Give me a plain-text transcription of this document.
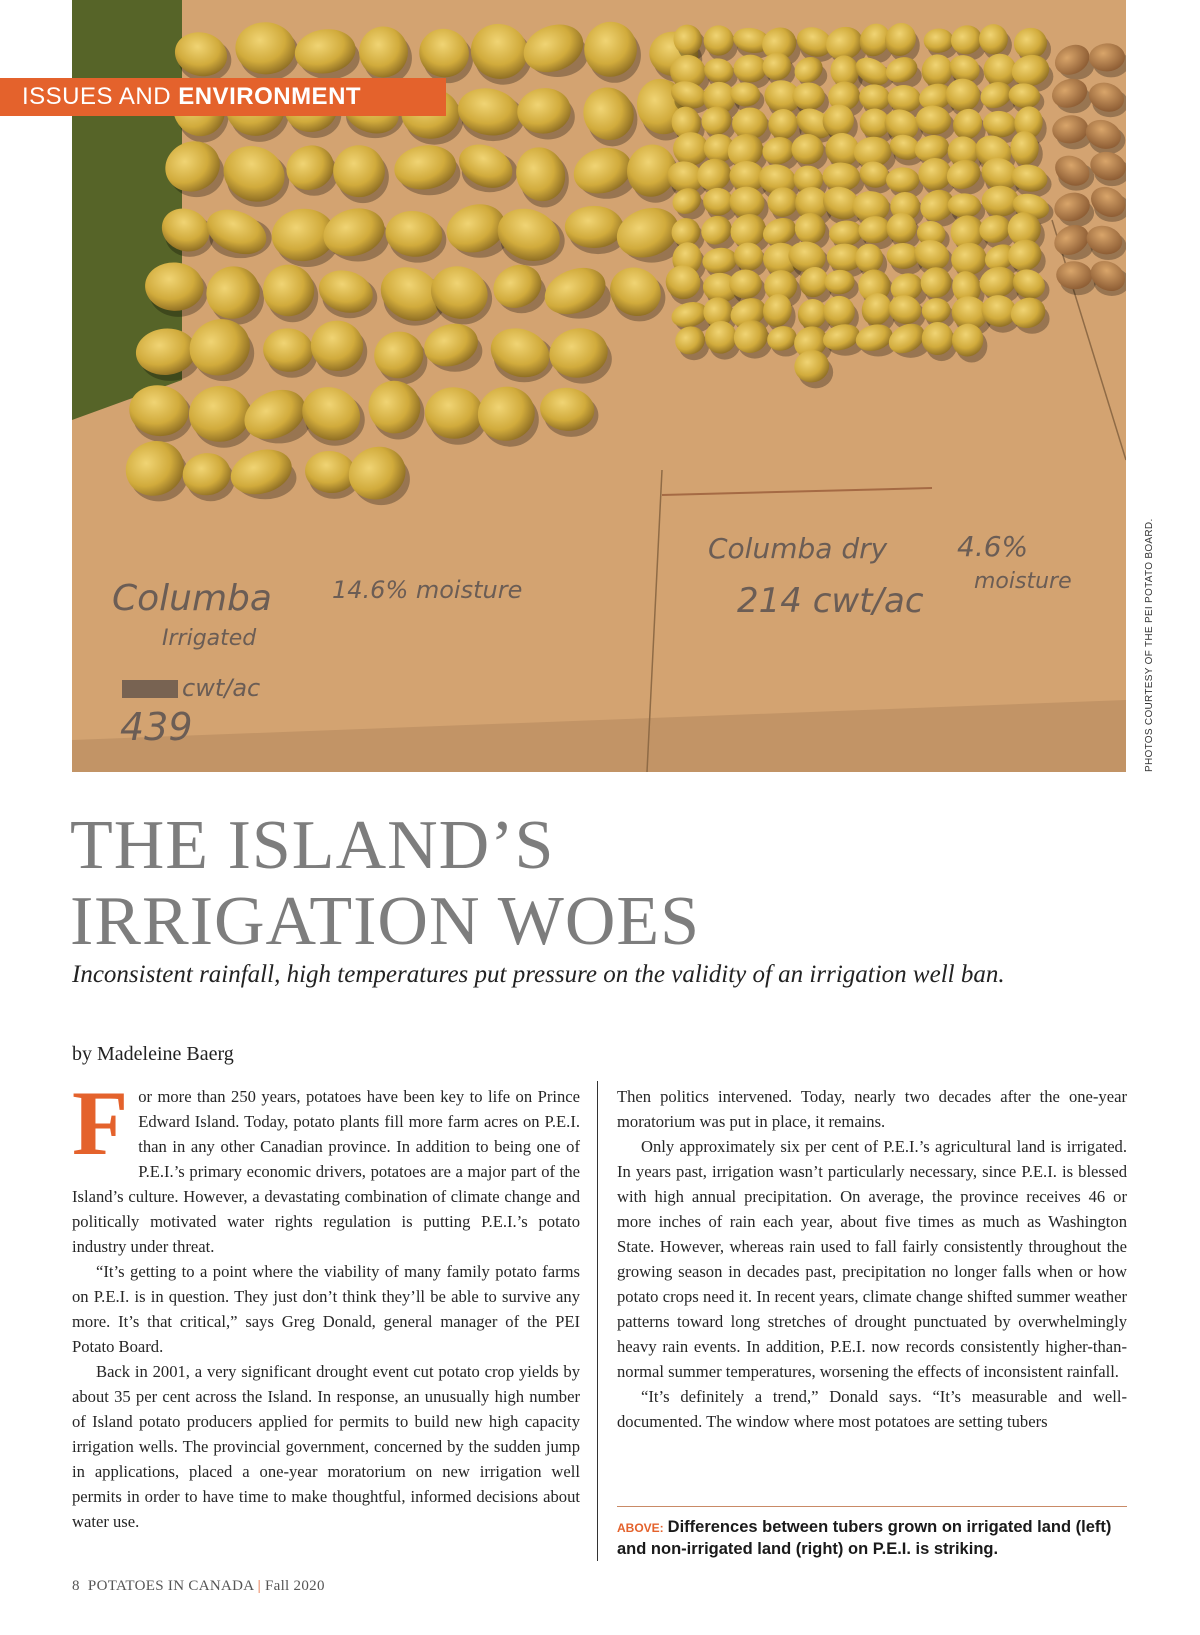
Columba
Irrigated
14.6% moisture
cwt/ac
439
Columba dry
214 cwt/ac
4.6%
moisture
ISSUES AND ENVIRONMENT
PHOTOS COURTESY OF THE PEI POTATO BOARD.
THE ISLAND’S
IRRIGATION WOES
Inconsistent rainfall, high temperatures put pressure on the validity of an irrigation well ban.
by Madeleine Baerg

For more than 250 years, potatoes have been key to life on Prince Edward Island. Today, potato plants fill more farm acres on P.E.I. than in any other Canadian province. In addition to being one of P.E.I.’s primary economic drivers, potatoes are a major part of the Island’s culture. However, a devastating combination of climate change and politically motivated water rights regulation is putting P.E.I.’s potato industry under threat.

“It’s getting to a point where the viability of many family potato farms on P.E.I. is in question. They just don’t think they’ll be able to survive any more. It’s that critical,” says Greg Donald, general manager of the PEI Potato Board.

Back in 2001, a very significant drought event cut potato crop yields by about 35 per cent across the Island. In response, an unusually high number of Island potato producers applied for permits to build new high capacity irrigation wells. The provincial government, concerned by the sudden jump in applications, placed a one-year moratorium on new irrigation well permits in order to have time to make thoughtful, informed decisions about water use.

Then politics intervened. Today, nearly two decades after the one-year moratorium was put in place, it remains.

Only approximately six per cent of P.E.I.’s agricultural land is irrigated. In years past, irrigation wasn’t particularly necessary, since P.E.I. is blessed with high annual precipitation. On average, the province receives 46 or more inches of rain each year, about five times as much as Washington State. However, whereas rain used to fall fairly consistently throughout the growing season in decades past, precipitation no longer falls when or how potato crops need it. In recent years, climate change shifted summer weather patterns toward long stretches of drought punctuated by overwhelmingly heavy rain events. In addition, P.E.I. now records consistently higher-than-normal summer temperatures, worsening the effects of inconsistent rainfall.

“It’s definitely a trend,” Donald says. “It’s measurable and well-documented. The window where most potatoes are setting tubers

ABOVE: Differences between tubers grown on irrigated land (left) and non-irrigated land (right) on P.E.I. is striking.
8 POTATOES IN CANADA | Fall 2020
